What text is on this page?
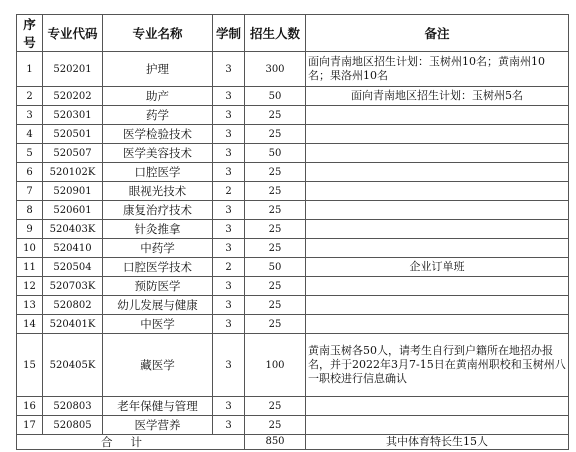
序号	专业代码	专业名称	学制	招生人数	备注
1	520201	护理	3	300	面向青南地区招生计划：玉树州10名；黄南州10名；果洛州10名
2	520202	助产	3	50	面向青南地区招生计划：玉树州5名
3	520301	药学	3	25	
4	520501	医学检验技术	3	25	
5	520507	医学美容技术	3	50	
6	520102K	口腔医学	3	25	
7	520901	眼视光技术	2	25	
8	520601	康复治疗技术	3	25	
9	520403K	针灸推拿	3	25	
10	520410	中药学	3	25	
11	520504	口腔医学技术	2	50	企业订单班
12	520703K	预防医学	3	25	
13	520802	幼儿发展与健康	3	25	
14	520401K	中医学	3	25	
15	520405K	藏医学	3	100	黄南玉树各50人，请考生自行到户籍所在地招办报名，并于2022年3月7-15日在黄南州职校和玉树州八一职校进行信息确认
16	520803	老年保健与管理	3	25	
17	520805	医学营养	3	25	
合计				850	其中体育特长生15人
